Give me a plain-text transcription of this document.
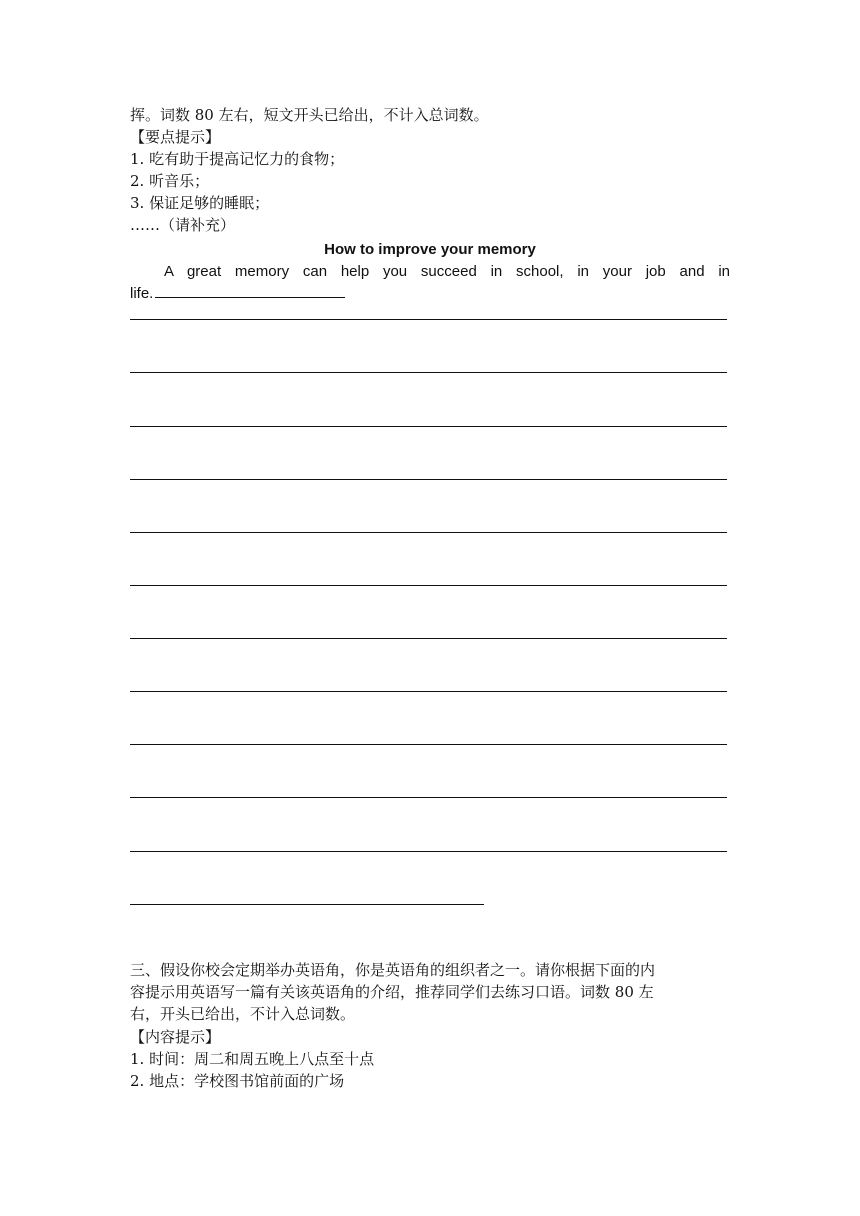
挥。词数 80 左右，短文开头已给出，不计入总词数。
【要点提示】
1. 吃有助于提高记忆力的食物；
2. 听音乐；
3. 保证足够的睡眠；
……（请补充）
How to improve your memory
A great memory can help you succeed in school, in your job and in
life.
三、假设你校会定期举办英语角，你是英语角的组织者之一。请你根据下面的内
容提示用英语写一篇有关该英语角的介绍，推荐同学们去练习口语。词数 80 左
右，开头已给出，不计入总词数。
【内容提示】
1. 时间：周二和周五晚上八点至十点
2. 地点：学校图书馆前面的广场
